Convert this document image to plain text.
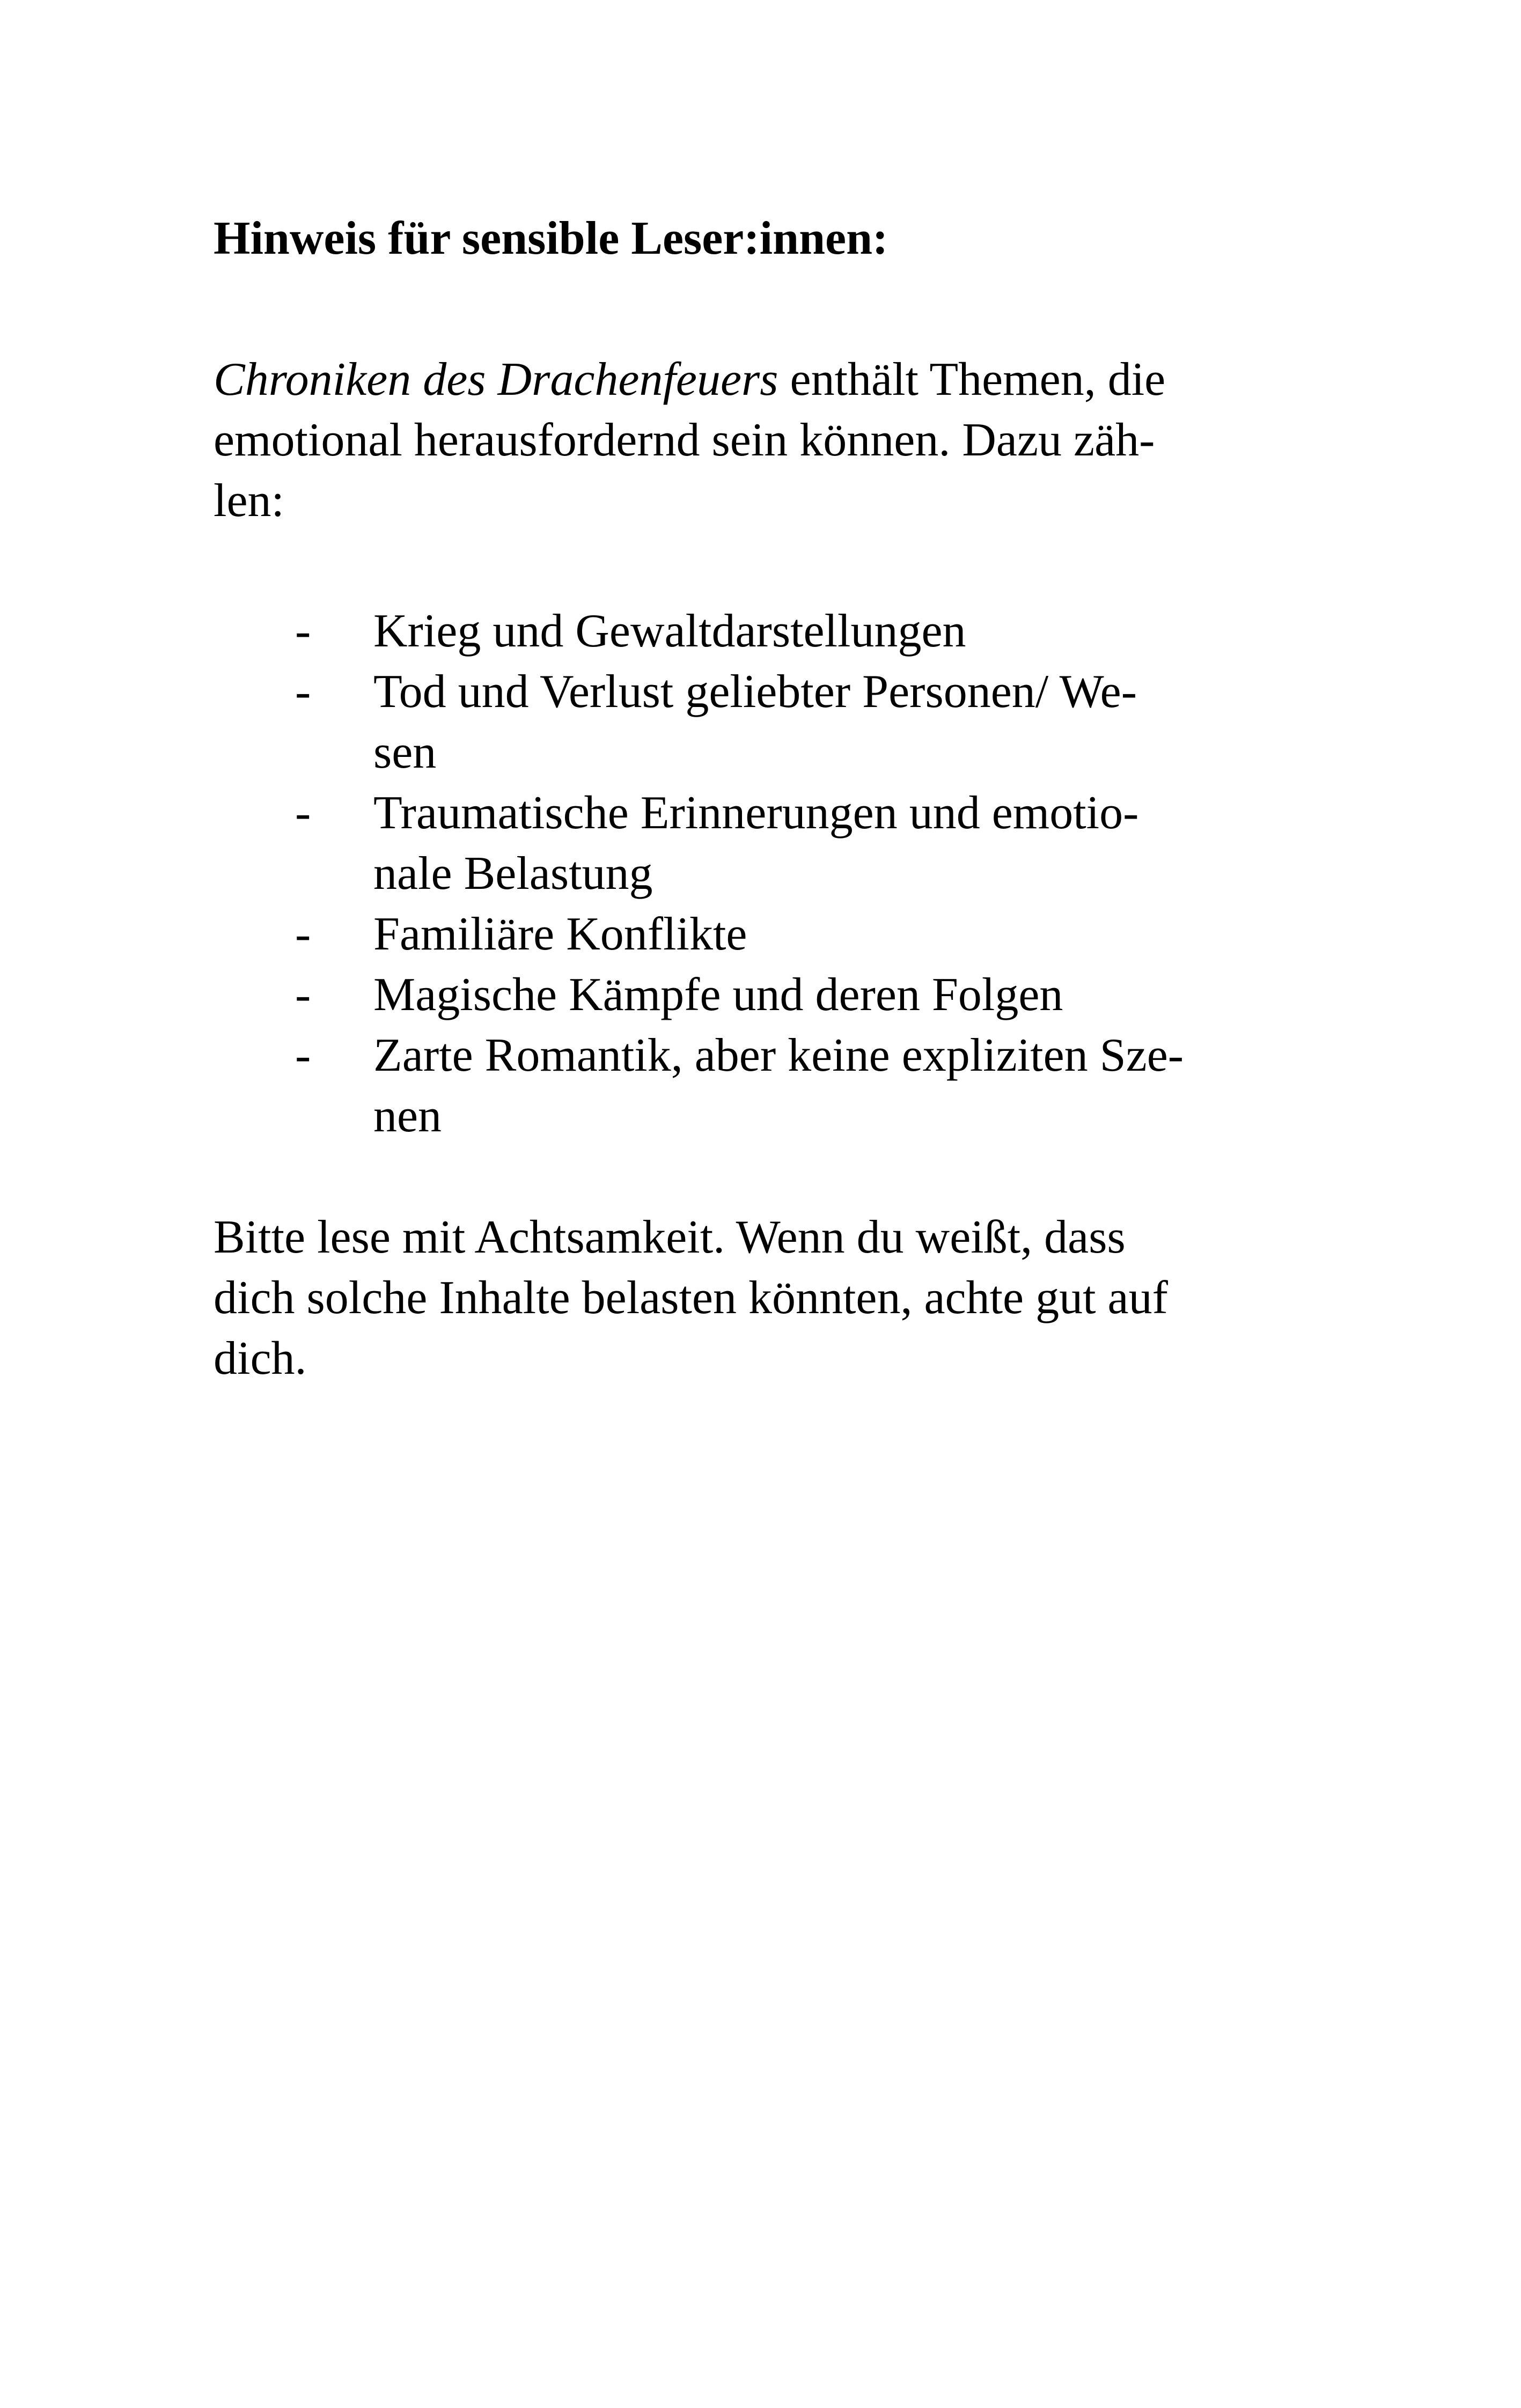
Hinweis für sensible Leser:innen:

Chroniken des Drachenfeuers enthält Themen, die
emotional herausfordernd sein können. Dazu zäh-
len:

- Krieg und Gewaltdarstellungen
- Tod und Verlust geliebter Personen/ We-
sen
- Traumatische Erinnerungen und emotio-
nale Belastung
- Familiäre Konflikte
- Magische Kämpfe und deren Folgen
- Zarte Romantik, aber keine expliziten Sze-
nen

Bitte lese mit Achtsamkeit. Wenn du weißt, dass
dich solche Inhalte belasten könnten, achte gut auf
dich.
